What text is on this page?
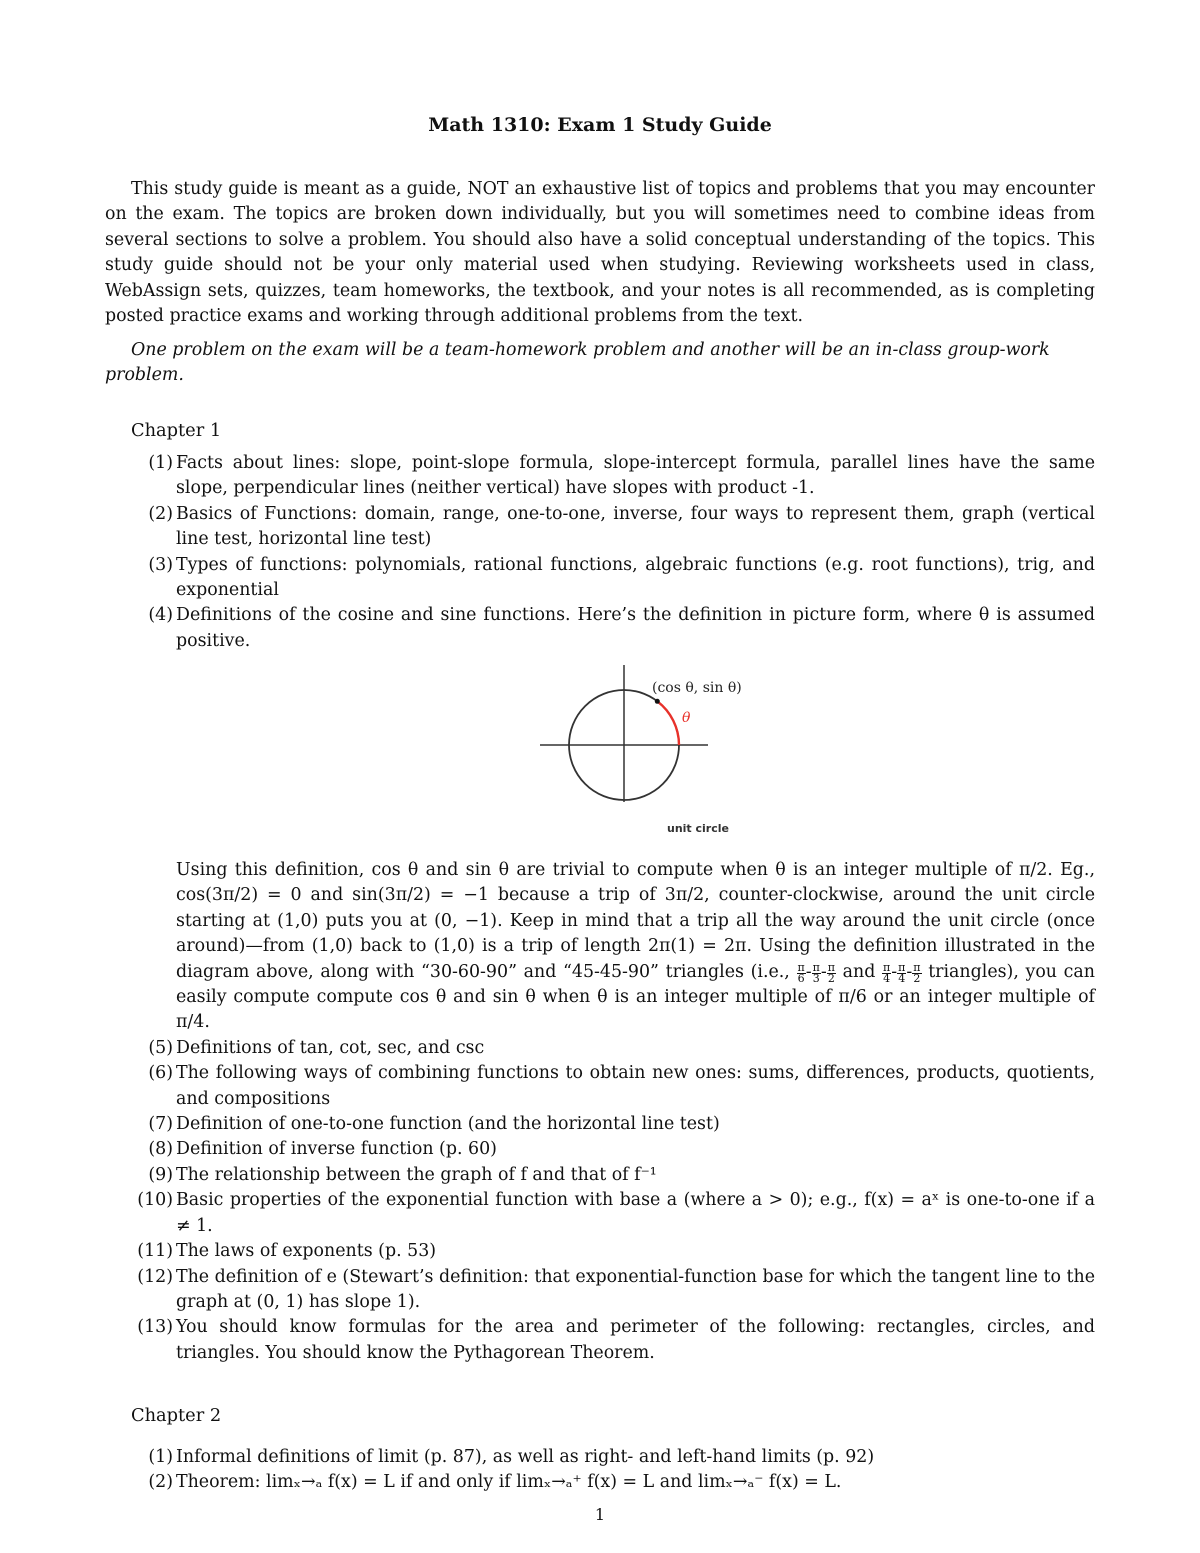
Math 1310: Exam 1 Study Guide
This study guide is meant as a guide, NOT an exhaustive list of topics and problems that you may encounter on the exam. The topics are broken down individually, but you will sometimes need to combine ideas from several sections to solve a problem. You should also have a solid conceptual understanding of the topics. This study guide should not be your only material used when studying. Reviewing worksheets used in class, WebAssign sets, quizzes, team homeworks, the textbook, and your notes is all recommended, as is completing posted practice exams and working through additional problems from the text.
One problem on the exam will be a team-homework problem and another will be an in-class group-work problem.
Chapter 1
(1) Facts about lines: slope, point-slope formula, slope-intercept formula, parallel lines have the same slope, perpendicular lines (neither vertical) have slopes with product -1.
(2) Basics of Functions: domain, range, one-to-one, inverse, four ways to represent them, graph (vertical line test, horizontal line test)
(3) Types of functions: polynomials, rational functions, algebraic functions (e.g. root functions), trig, and exponential
(4) Definitions of the cosine and sine functions. Here’s the definition in picture form, where θ is assumed positive.
Using this definition, cos θ and sin θ are trivial to compute when θ is an integer multiple of π/2. Eg., cos(3π/2) = 0 and sin(3π/2) = −1 because a trip of 3π/2, counter-clockwise, around the unit circle starting at (1,0) puts you at (0, −1). Keep in mind that a trip all the way around the unit circle (once around)—from (1,0) back to (1,0) is a trip of length 2π(1) = 2π. Using the definition illustrated in the diagram above, along with “30-60-90” and “45-45-90” triangles (i.e., $\frac{\pi}{6} - \frac{\pi}{3} - \frac{\pi}{2}$ and $\frac{\pi}{4} - \frac{\pi}{4} - \frac{\pi}{2}$ triangles), you can easily compute compute cos θ and sin θ when θ is an integer multiple of π/6 or an integer multiple of π/4.
(5) Definitions of tan, cot, sec, and csc
(6) The following ways of combining functions to obtain new ones: sums, differences, products, quotients, and compositions
(7) Definition of one-to-one function (and the horizontal line test)
(8) Definition of inverse function (p. 60)
(9) The relationship between the graph of f and that of f⁻¹
(10) Basic properties of the exponential function with base a (where a > 0); e.g., f(x) = aˣ is one-to-one if a ≠ 1.
(11) The laws of exponents (p. 53)
(12) The definition of e (Stewart’s definition: that exponential-function base for which the tangent line to the graph at (0, 1) has slope 1).
(13) You should know formulas for the area and perimeter of the following: rectangles, circles, and triangles. You should know the Pythagorean Theorem.
Chapter 2
(1) Informal definitions of limit (p. 87), as well as right- and left-hand limits (p. 92)
(2) Theorem: limₓ→ₐ f(x) = L if and only if limₓ→ₐ⁺ f(x) = L and limₓ→ₐ⁻ f(x) = L.
(cos θ, sin θ)
θ
unit circle
1
